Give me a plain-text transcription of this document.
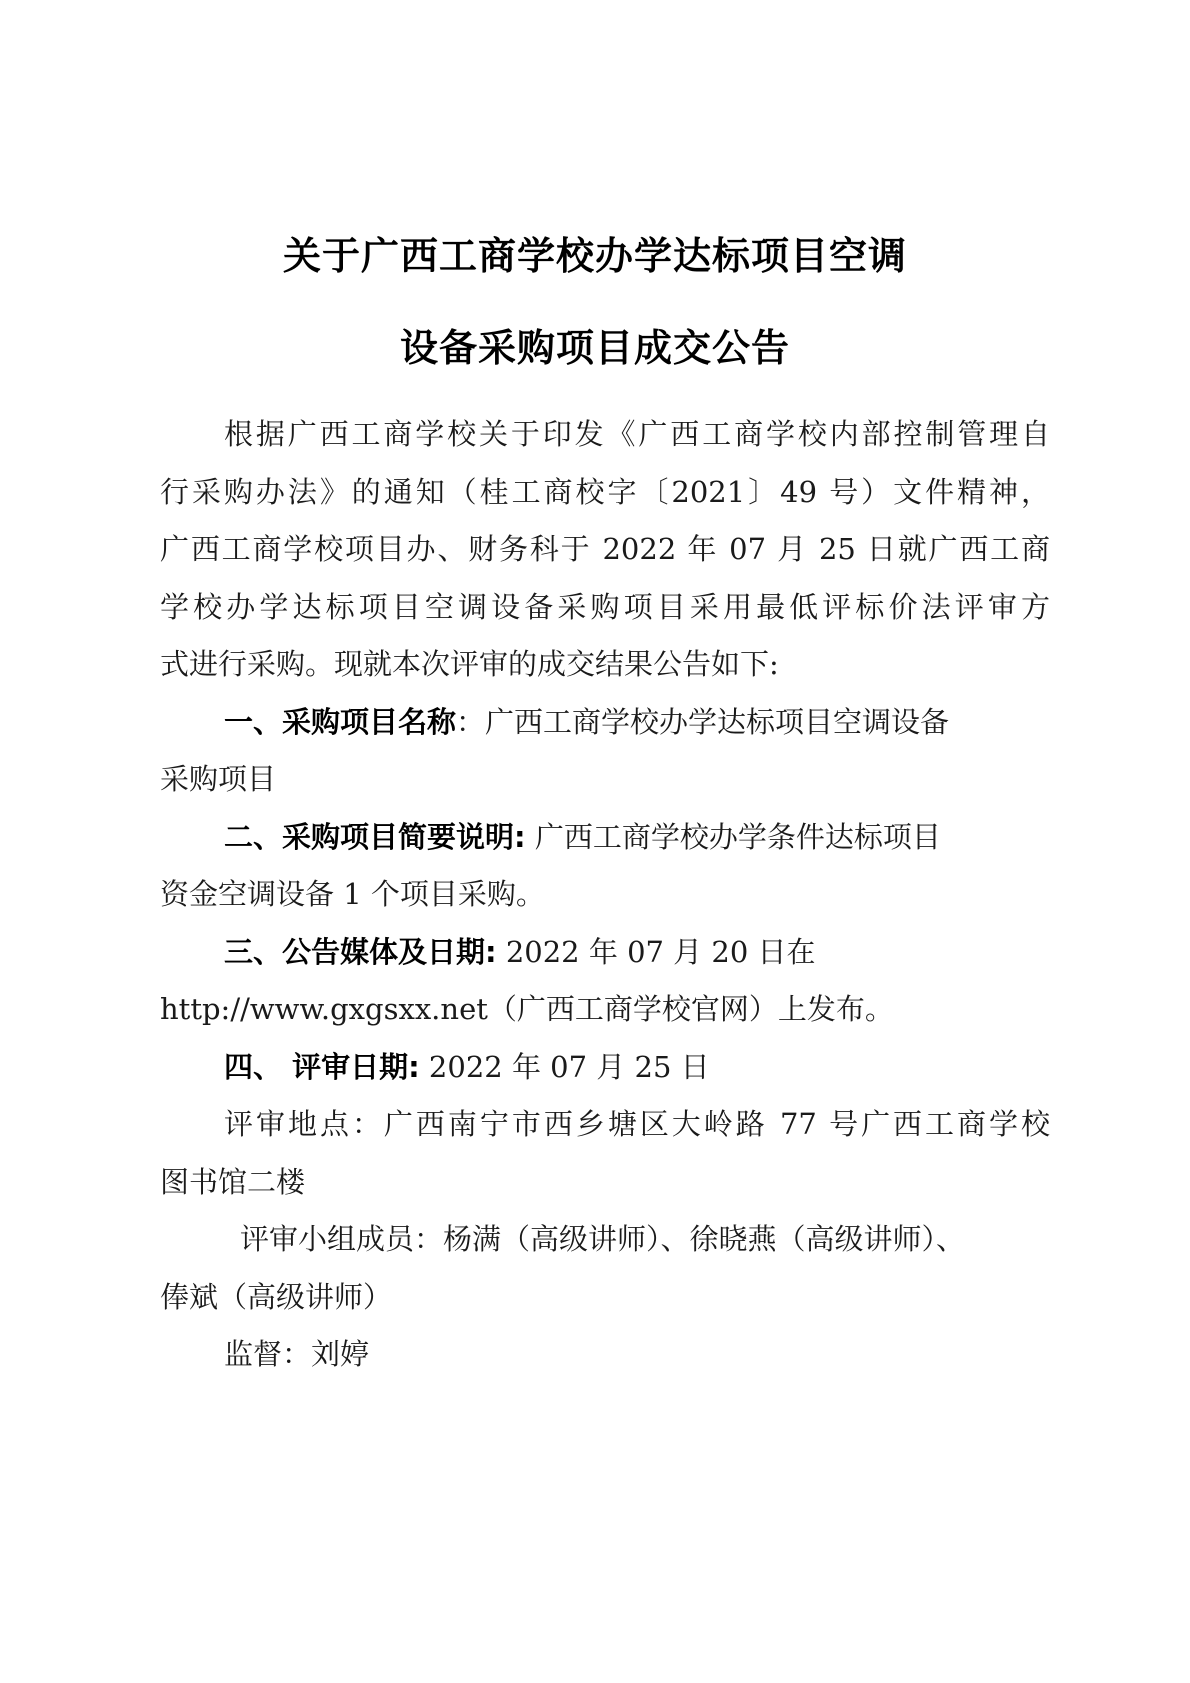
关于广西工商学校办学达标项目空调
设备采购项目成交公告
根据广西工商学校关于印发《广西工商学校内部控制管理自
行采购办法》的通知（桂工商校字〔2021〕49 号）文件精神，
广西工商学校项目办、财务科于 2022 年 07 月 25 日就广西工商
学校办学达标项目空调设备采购项目采用最低评标价法评审方
式进行采购。现就本次评审的成交结果公告如下:
一、采购项目名称：广西工商学校办学达标项目空调设备
采购项目
二、采购项目简要说明: 广西工商学校办学条件达标项目
资金空调设备 1 个项目采购。
三、公告媒体及日期: 2022 年 07 月 20 日在
http://www.gxgsxx.net（广西工商学校官网）上发布。
四、 评审日期: 2022 年 07 月 25 日
评审地点：广西南宁市西乡塘区大岭路 77 号广西工商学校
图书馆二楼
评审小组成员：杨满（高级讲师）、徐晓燕（高级讲师）、
俸斌（高级讲师）
监督：刘婷
